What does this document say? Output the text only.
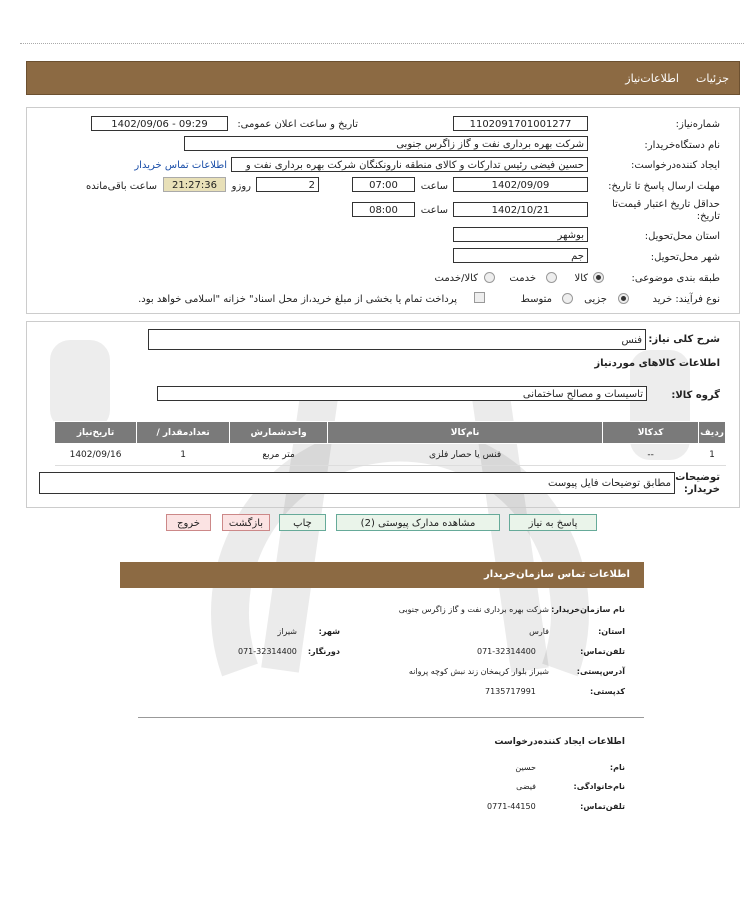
جزئیات
اطلاعات‌نیاز
شماره‌نیاز:
1102091701001277
تاریخ و ساعت اعلان عمومی:
1402/09/06 - 09:29
نام دستگاه‌خریدار:
شرکت بهره برداری نفت و گاز زاگرس جنوبی
ایجاد کننده‌درخواست:
حسین فیضی رئیس تدارکات و کالای منطقه نارونکنگان شرکت بهره برداری نفت و
اطلاعات تماس خریدار
مهلت ارسال پاسخ تا تاریخ:
1402/09/09
ساعت
07:00
2
روزو
21:27:36
ساعت باقی‌مانده
حداقل تاریخ اعتبار قیمت‌تا تاریخ:
1402/10/21
ساعت
08:00
استان محل‌تحویل:
بوشهر
شهر محل‌تحویل:
جم
طبقه بندی موضوعی:
کالا
خدمت
کالا/خدمت
نوع فرآیند: خرید
جزیی
متوسط
پرداخت تمام یا بخشی از مبلغ خرید،از محل اسناد" خزانه "اسلامی خواهد بود.
شرح کلی نیاز:
فنس
اطلاعات کالاهای موردنیاز
گروه کالا:
تاسیسات و مصالح ساختمانی
ردیف	کدکالا	نام‌کالا	واحدشمارش	تعدادمقدار /	تاریخ‌نیاز
1	--	فنس یا حصار فلزی	متر مربع	1	1402/09/16
توضیحات خریدار:
مطابق توضیحات فایل پیوست
پاسخ به نیاز
مشاهده مدارک پیوستی (2)
چاپ
بازگشت
خروج
اطلاعات تماس سازمان‌خریدار
نام سازمان‌خریدار:
شرکت بهره برداری نفت و گاز زاگرس جنوبی
استان:
فارس
شهر:
شیراز
تلفن‌تماس:
071-32314400
دورنگار:
071-32314400
آدرس‌پستی:
شیراز بلوار کریمخان زند نبش کوچه پروانه
کدپستی:
7135717991
اطلاعات ایجاد کننده‌درخواست
نام:
حسین
نام‌خانوادگی:
فیضی
تلفن‌تماس:
0771-44150
